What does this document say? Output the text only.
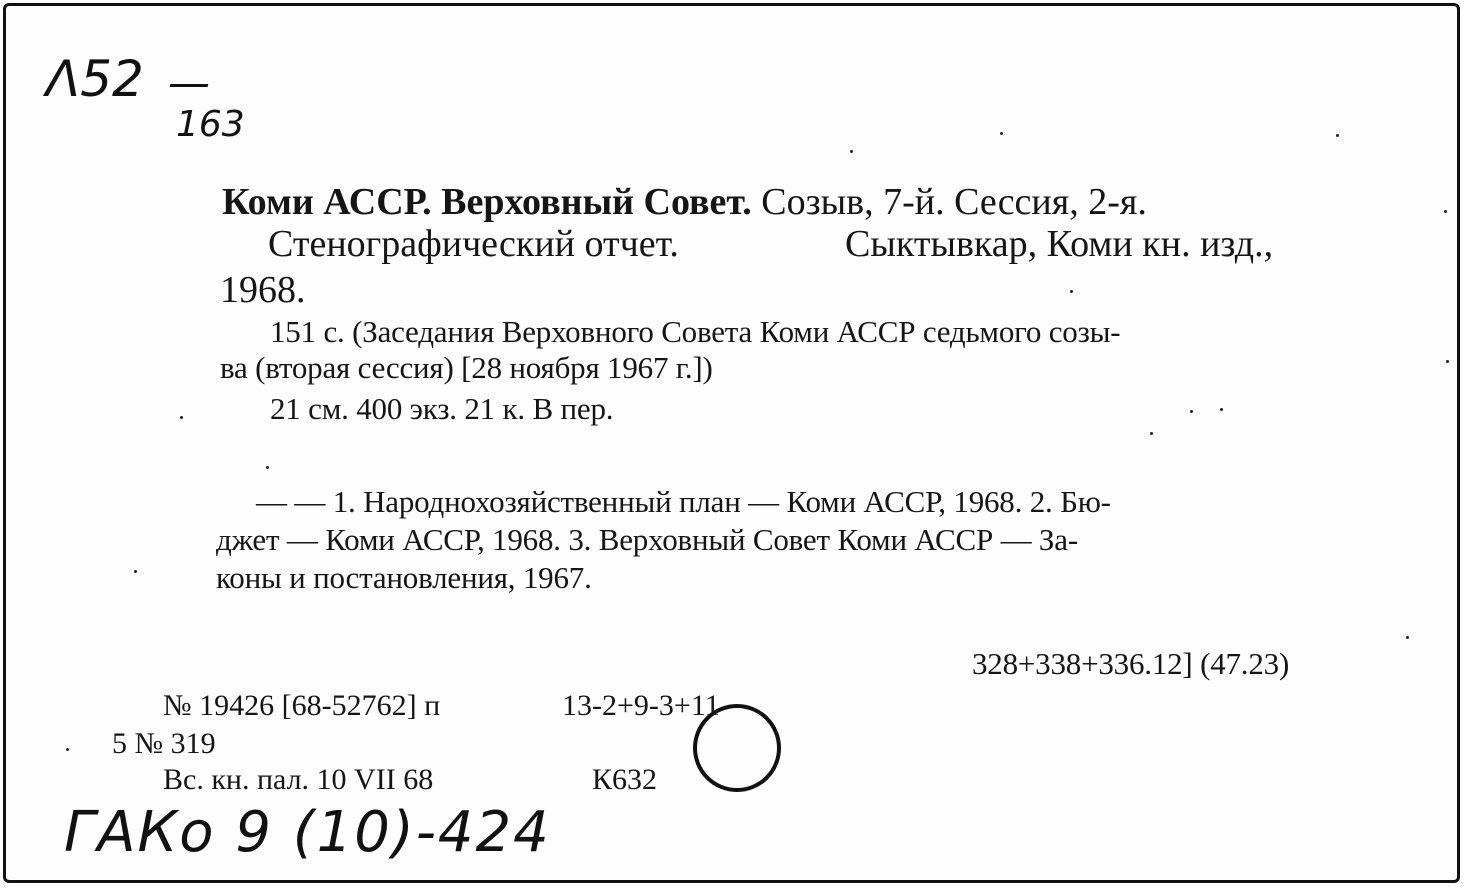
Λ52 —
163
Коми АССР. Верховный Совет. Созыв, 7-й. Сессия, 2-я.
Стенографический отчет.	Сыктывкар, Коми кн. изд.,
1968.
151 с. (Заседания Верховного Совета Коми АССР седьмого созы-
ва (вторая сессия) [28 ноября 1967 г.])
21 см. 400 экз. 21 к. В пер.
— — 1. Народнохозяйственный план — Коми АССР, 1968. 2. Бю-
джет — Коми АССР, 1968. 3. Верховный Совет Коми АССР — За-
коны и постановления, 1967.
328+338+336.12] (47.23)
№ 19426 [68-52762] п	13-2+9-3+11
5 № 319
Вс. кн. пал. 10 VII 68	К632
ГАКо 9 (10)-424
